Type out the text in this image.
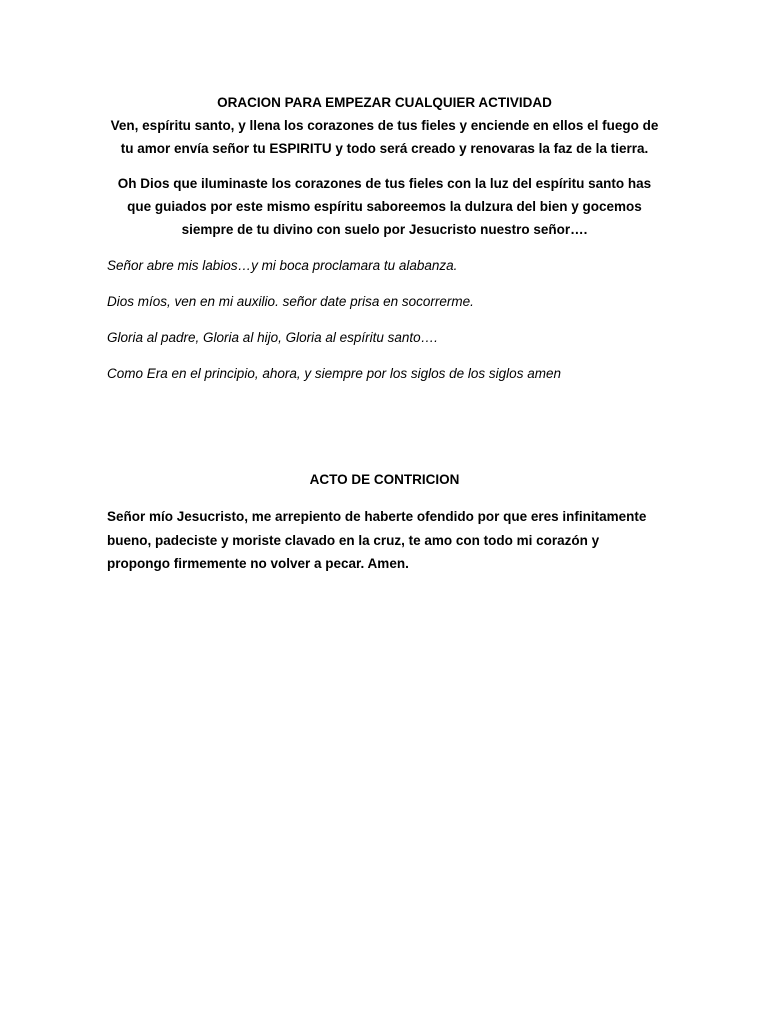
ORACION PARA EMPEZAR CUALQUIER ACTIVIDAD

Ven, espíritu santo, y llena los corazones de tus fieles y enciende en ellos el fuego de tu amor envía señor tu ESPIRITU y todo será creado y renovaras la faz de la tierra.

Oh Dios que iluminaste los corazones de tus fieles con la luz del espíritu santo has que guiados por este mismo espíritu saboreemos la dulzura del bien y gocemos siempre de tu divino con suelo por Jesucristo nuestro señor….

Señor abre mis labios…y mi boca proclamara tu alabanza.

Dios míos, ven en mi auxilio. señor date prisa en socorrerme.

Gloria al padre, Gloria al hijo, Gloria al espíritu santo….

Como Era en el principio, ahora, y siempre por los siglos de los siglos amen

ACTO DE CONTRICION

Señor mío Jesucristo, me arrepiento de haberte ofendido por que eres infinitamente bueno, padeciste y moriste clavado en la cruz, te amo con todo mi corazón y propongo firmemente no volver a pecar. Amen.
